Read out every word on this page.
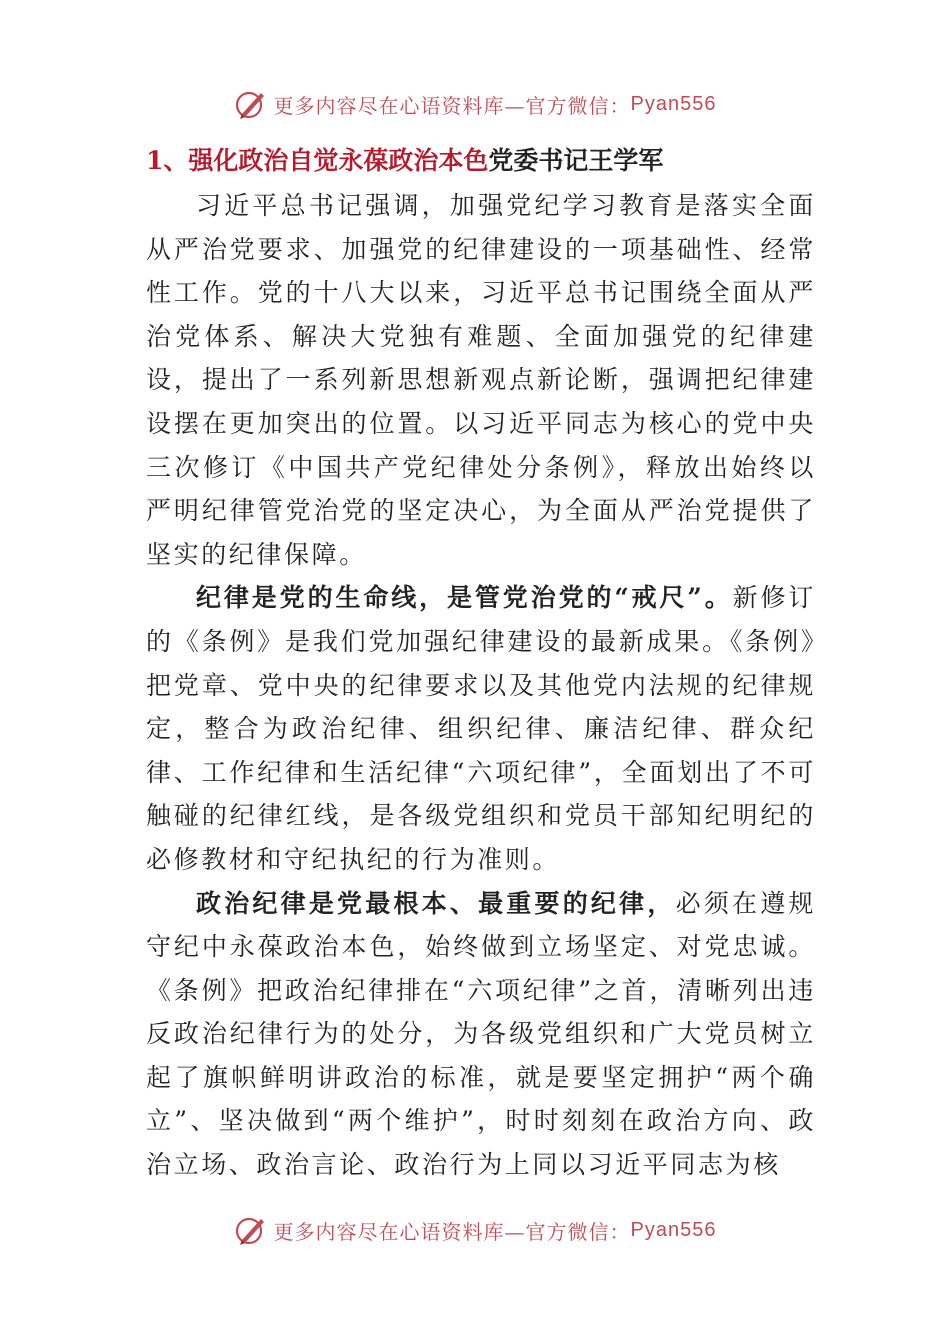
更多内容尽在心语资料库—官方微信： Pyan556
1、强化政治自觉永葆政治本色党委书记王学军

习近平总书记强调，加强党纪学习教育是落实全面从严治党要求、加强党的纪律建设的一项基础性、经常性工作。党的十八大以来，习近平总书记围绕全面从严治党体系、解决大党独有难题、全面加强党的纪律建设，提出了一系列新思想新观点新论断，强调把纪律建设摆在更加突出的位置。以习近平同志为核心的党中央三次修订《中国共产党纪律处分条例》，释放出始终以严明纪律管党治党的坚定决心，为全面从严治党提供了坚实的纪律保障。

纪律是党的生命线，是管党治党的“戒尺”。新修订的《条例》是我们党加强纪律建设的最新成果。《条例》把党章、党中央的纪律要求以及其他党内法规的纪律规定，整合为政治纪律、组织纪律、廉洁纪律、群众纪律、工作纪律和生活纪律“六项纪律”，全面划出了不可触碰的纪律红线，是各级党组织和党员干部知纪明纪的必修教材和守纪执纪的行为准则。

政治纪律是党最根本、最重要的纪律，必须在遵规守纪中永葆政治本色，始终做到立场坚定、对党忠诚。《条例》把政治纪律排在“六项纪律”之首，清晰列出违反政治纪律行为的处分，为各级党组织和广大党员树立起了旗帜鲜明讲政治的标准，就是要坚定拥护“两个确立”、坚决做到“两个维护”，时时刻刻在政治方向、政治立场、政治言论、政治行为上同以习近平同志为核

更多内容尽在心语资料库—官方微信： Pyan556
